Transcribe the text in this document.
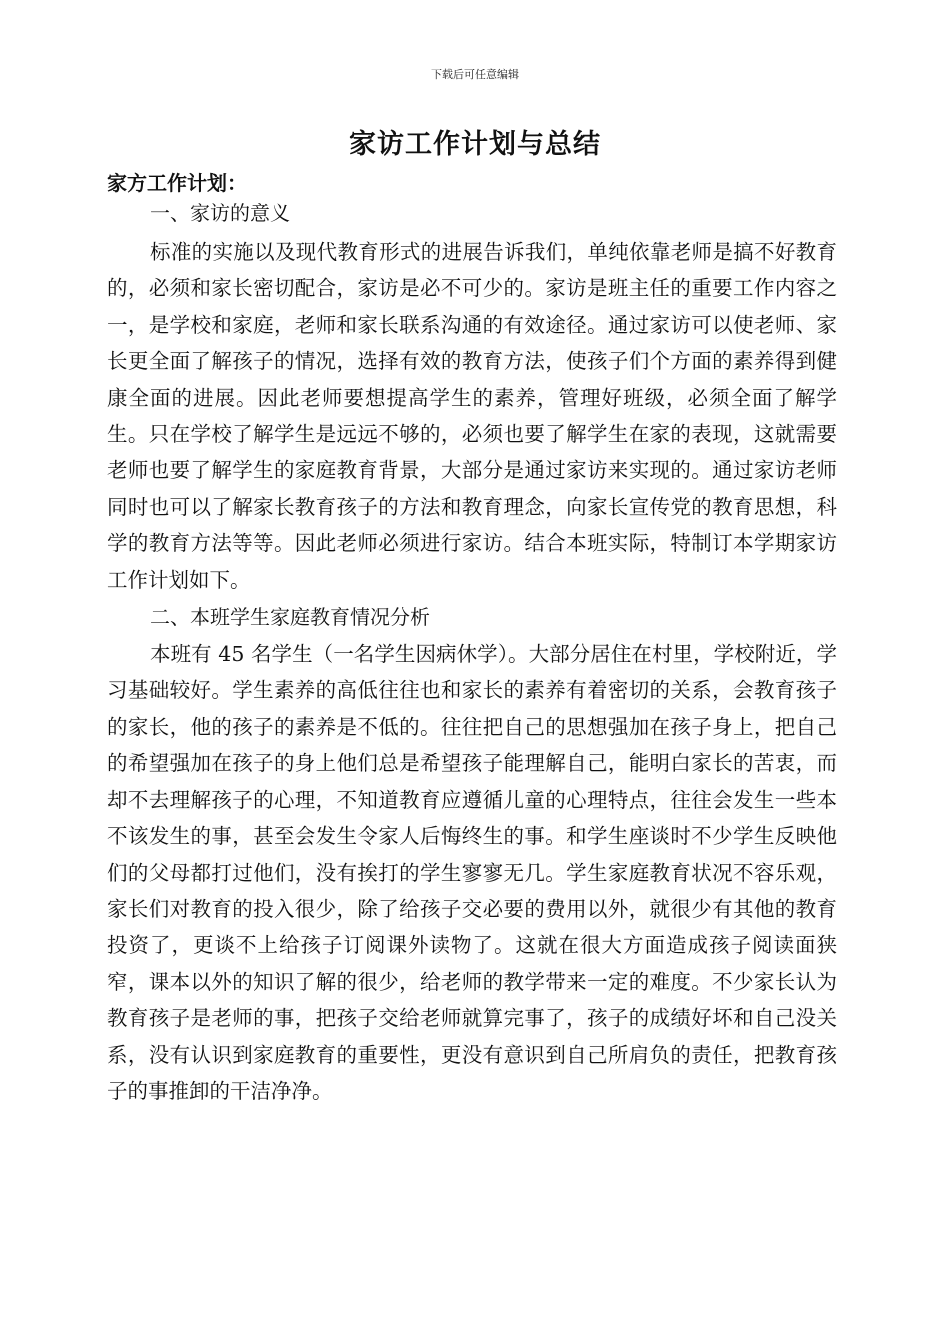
下载后可任意编辑
家访工作计划与总结
家方工作计划：
一、家访的意义

标准的实施以及现代教育形式的进展告诉我们，单纯依靠老师是搞不好教育的，必须和家长密切配合，家访是必不可少的。家访是班主任的重要工作内容之一，是学校和家庭，老师和家长联系沟通的有效途径。通过家访可以使老师、家长更全面了解孩子的情况，选择有效的教育方法，使孩子们个方面的素养得到健康全面的进展。因此老师要想提高学生的素养，管理好班级，必须全面了解学生。只在学校了解学生是远远不够的，必须也要了解学生在家的表现，这就需要老师也要了解学生的家庭教育背景，大部分是通过家访来实现的。通过家访老师同时也可以了解家长教育孩子的方法和教育理念，向家长宣传党的教育思想，科学的教育方法等等。因此老师必须进行家访。结合本班实际，特制订本学期家访工作计划如下。

二、本班学生家庭教育情况分析

本班有 45 名学生（一名学生因病休学）。大部分居住在村里，学校附近，学习基础较好。学生素养的高低往往也和家长的素养有着密切的关系，会教育孩子的家长，他的孩子的素养是不低的。往往把自己的思想强加在孩子身上，把自己的希望强加在孩子的身上他们总是希望孩子能理解自己，能明白家长的苦衷，而却不去理解孩子的心理，不知道教育应遵循儿童的心理特点，往往会发生一些本不该发生的事，甚至会发生令家人后悔终生的事。和学生座谈时不少学生反映他们的父母都打过他们，没有挨打的学生寥寥无几。学生家庭教育状况不容乐观，家长们对教育的投入很少，除了给孩子交必要的费用以外，就很少有其他的教育投资了，更谈不上给孩子订阅课外读物了。这就在很大方面造成孩子阅读面狭窄，课本以外的知识了解的很少，给老师的教学带来一定的难度。不少家长认为教育孩子是老师的事，把孩子交给老师就算完事了，孩子的成绩好坏和自己没关系，没有认识到家庭教育的重要性，更没有意识到自己所肩负的责任，把教育孩子的事推卸的干洁净净。
